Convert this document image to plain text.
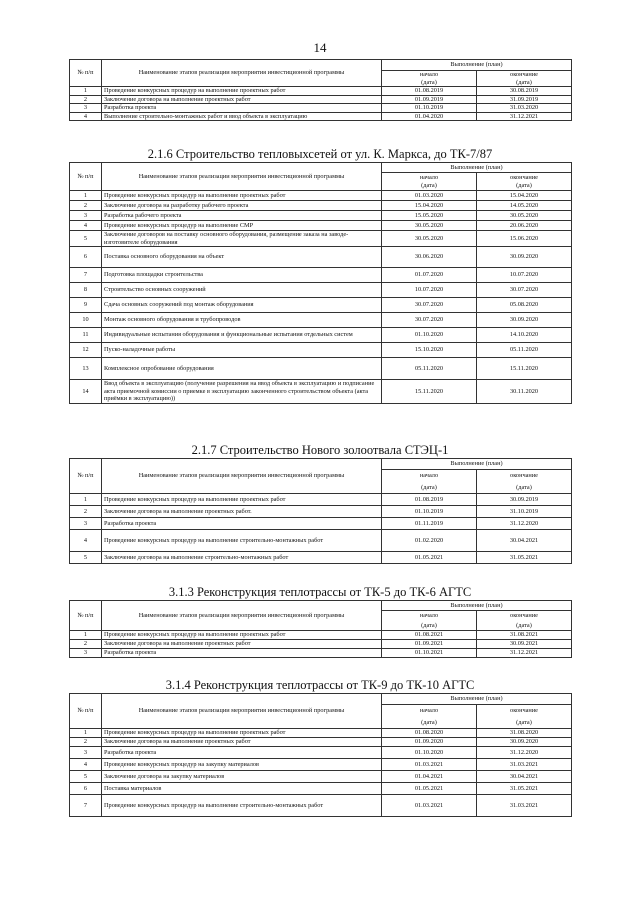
14
№ п/п	Наименование этапов реализации мероприятия инвестиционной программы	Выполнение (план)	
		начало	окончание
		(дата)	(дата)
1	Проведение конкурсных процедур на выполнение проектных работ	01.08.2019	30.08.2019
2	Заключение договора на выполнение проектных работ	01.09.2019	31.09.2019
3	Разработка проекта	01.10.2019	31.03.2020
4	Выполнение строительно-монтажных работ и ввод объекта в эксплуатацию	01.04.2020	31.12.2021
2.1.6 Строительство тепловыхсетей от ул. К. Маркса, до ТК-7/87
№ п/п	Наименование этапов реализации мероприятия инвестиционной программы	Выполнение (план)	
		начало	окончание
		(дата)	(дата)
1	Проведение конкурсных процедур на выполнение проектных работ	01.03.2020	15.04.2020
2	Заключение договора на разработку рабочего проекта	15.04.2020	14.05.2020
3	Разработка рабочего проекта	15.05.2020	30.05.2020
4	Проведение конкурсных процедур на выполнение СМР	30.05.2020	20.06.2020
5	Заключение договоров на поставку основного оборудования, размещение заказа на заводе-изготовителе оборудования	30.05.2020	15.06.2020
6	Поставка основного оборудования на объект	30.06.2020	30.09.2020
7	Подготовка площадки строительства	01.07.2020	10.07.2020
8	Строительство основных сооружений	10.07.2020	30.07.2020
9	Сдача основных сооружений под монтаж оборудования	30.07.2020	05.08.2020
10	Монтаж основного оборудования и трубопроводов	30.07.2020	30.09.2020
11	Индивидуальные испытания оборудования и функциональные испытания отдельных систем	01.10.2020	14.10.2020
12	Пуско-наладочные работы	15.10.2020	05.11.2020
13	Комплексное опробование оборудования	05.11.2020	15.11.2020
14	Ввод объекта в эксплуатацию (получение разрешения на ввод объекта в эксплуатацию и подписание акта приемочной комиссии о приемке в эксплуатацию законченного строительством объекта (акта приёмки в эксплуатацию))	15.11.2020	30.11.2020
2.1.7 Строительство Нового золоотвала СТЭЦ-1
№ п/п	Наименование этапов реализации мероприятия инвестиционной программы	Выполнение (план)	
		начало	окончание
		(дата)	(дата)
1	Проведение конкурсных процедур на выполнение проектных работ	01.08.2019	30.09.2019
2	Заключение договора на выполнение проектных работ.	01.10.2019	31.10.2019
3	Разработка проекта	01.11.2019	31.12.2020
4	Проведение конкурсных процедур на выполнение строительно-монтажных работ	01.02.2020	30.04.2021
5	Заключение договора на выполнение строительно-монтажных работ	01.05.2021	31.05.2021
3.1.3 Реконструкция теплотрассы от ТК-5 до ТК-6 АГТС
№ п/п	Наименование этапов реализации мероприятия инвестиционной программы	Выполнение (план)	
		начало	окончание
		(дата)	(дата)
1	Проведение конкурсных процедур на выполнение проектных работ	01.08.2021	31.08.2021
2	Заключение договора на выполнение проектных работ	01.09.2021	30.09.2021
3	Разработка проекта	01.10.2021	31.12.2021
3.1.4 Реконструкция теплотрассы от ТК-9 до ТК-10 АГТС
№ п/п	Наименование этапов реализации мероприятия инвестиционной программы	Выполнение (план)	
		начало	окончание
		(дата)	(дата)
1	Проведение конкурсных процедур на выполнение проектных работ	01.08.2020	31.08.2020
2	Заключение договора на выполнение проектных работ	01.09.2020	30.09.2020
3	Разработка проекта	01.10.2020	31.12.2020
4	Проведение конкурсных процедур на закупку материалов	01.03.2021	31.03.2021
5	Заключение договора на закупку материалов	01.04.2021	30.04.2021
6	Поставка материалов	01.05.2021	31.05.2021
7	Проведение конкурсных процедур на выполнение строительно-монтажных работ	01.03.2021	31.03.2021
